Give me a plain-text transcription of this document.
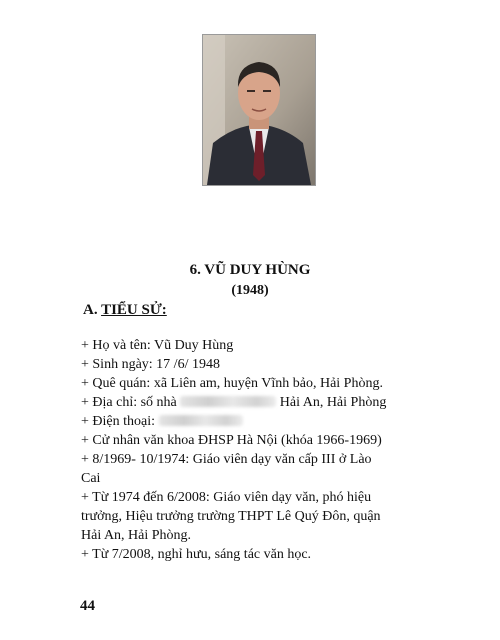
6. VŨ DUY HÙNG
(1948)
A. TIỂU SỬ:
+ Họ và tên: Vũ Duy Hùng
+ Sinh ngày: 17 /6/ 1948
+ Quê quán: xã Liên am, huyện Vĩnh bảo, Hải Phòng.
+ Địa chỉ: số nhà	Hải An, Hải Phòng
+ Điện thoại:
+ Cử nhân văn khoa ĐHSP Hà Nội (khóa 1966-1969)
+ 8/1969- 10/1974: Giáo viên dạy văn cấp III ở Lào
Cai
+ Từ 1974 đến 6/2008: Giáo viên dạy văn, phó hiệu
trưởng, Hiệu trưởng trường THPT Lê Quý Đôn, quận
Hải An, Hải Phòng.
+ Từ 7/2008, nghỉ hưu, sáng tác văn học.
44
